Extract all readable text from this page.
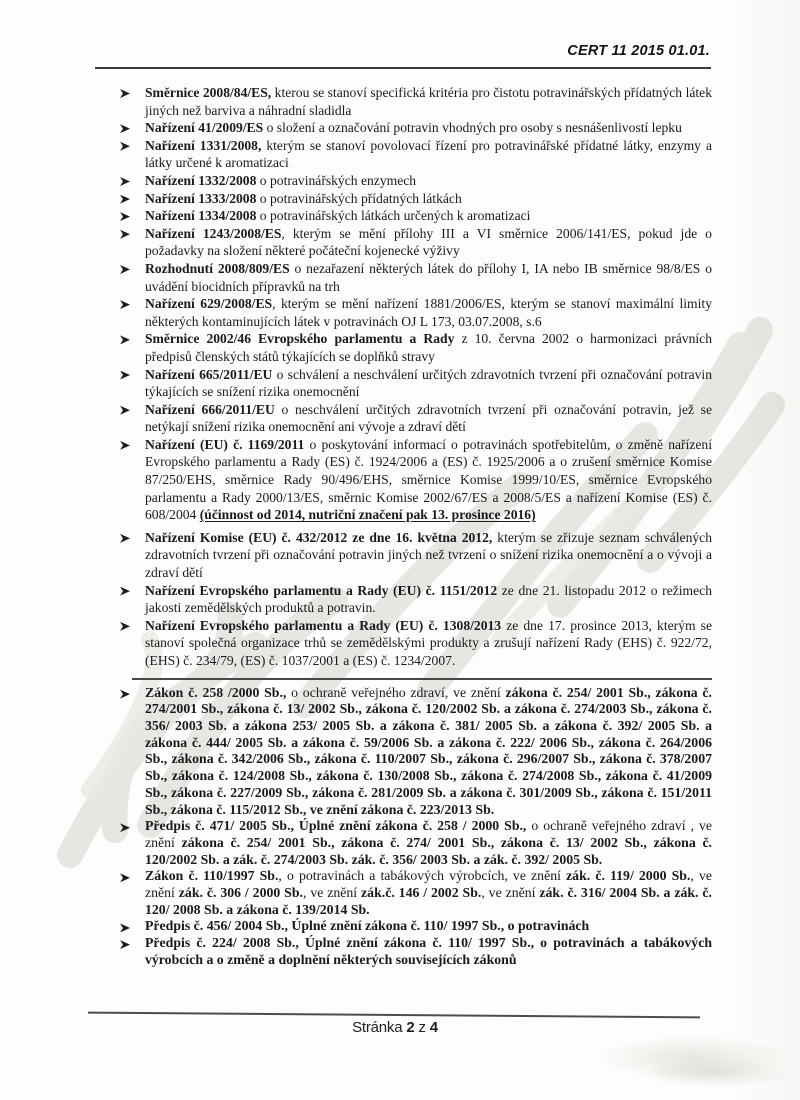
CERT 11 2015 01.01.
Směrnice 2008/84/ES, kterou se stanoví specifická kritéria pro čistotu potravinářských přídatných látek jiných než barviva a náhradní sladidla
Nařízení 41/2009/ES o složení a označování potravin vhodných pro osoby s nesnášenlivostí lepku
Nařízení 1331/2008, kterým se stanoví povolovací řízení pro potravinářské přídatné látky, enzymy a látky určené k aromatizaci
Nařízení 1332/2008 o potravinářských enzymech
Nařízení 1333/2008 o potravinářských přídatných látkách
Nařízení 1334/2008 o potravinářských látkách určených k aromatizaci
Nařízení 1243/2008/ES, kterým se mění přílohy III a VI směrnice 2006/141/ES, pokud jde o požadavky na složení některé počáteční kojenecké výživy
Rozhodnutí 2008/809/ES o nezařazení některých látek do přílohy I, IA nebo IB směrnice 98/8/ES o uvádění biocidních přípravků na trh
Nařízení 629/2008/ES, kterým se mění nařízení 1881/2006/ES, kterým se stanoví maximální limity některých kontaminujících látek v potravinách OJ L 173, 03.07.2008, s.6
Směrnice 2002/46 Evropského parlamentu a Rady z 10. června 2002 o harmonizaci právních předpisů členských států týkajících se doplňků stravy
Nařízení 665/2011/EU o schválení a neschválení určitých zdravotních tvrzení při označování potravin týkajících se snížení rizika onemocnění
Nařízení 666/2011/EU o neschválení určitých zdravotních tvrzení při označování potravin, jež se netýkají snížení rizika onemocnění ani vývoje a zdraví dětí
Nařízení (EU) č. 1169/2011 o poskytování informací o potravinách spotřebitelům, o změně nařízení Evropského parlamentu a Rady (ES) č. 1924/2006 a (ES) č. 1925/2006 a o zrušení směrnice Komise 87/250/EHS, směrnice Rady 90/496/EHS, směrnice Komise 1999/10/ES, směrnice Evropského parlamentu a Rady 2000/13/ES, směrnic Komise 2002/67/ES a 2008/5/ES a nařízení Komise (ES) č. 608/2004 (účinnost od 2014, nutriční značení pak 13. prosince 2016)
Nařízení Komise (EU) č. 432/2012 ze dne 16. května 2012, kterým se zřizuje seznam schválených zdravotních tvrzení při označování potravin jiných než tvrzení o snížení rizika onemocnění a o vývoji a zdraví dětí
Nařízení Evropského parlamentu a Rady (EU) č. 1151/2012 ze dne 21. listopadu 2012 o režimech jakosti zemědělských produktů a potravin.
Nařízení Evropského parlamentu a Rady (EU) č. 1308/2013 ze dne 17. prosince 2013, kterým se stanoví společná organizace trhů se zemědělskými produkty a zrušují nařízení Rady (EHS) č. 922/72, (EHS) č. 234/79, (ES) č. 1037/2001 a (ES) č. 1234/2007.
Zákon č. 258 /2000 Sb., o ochraně veřejného zdraví, ve znění zákona č. 254/ 2001 Sb., zákona č. 274/2001 Sb., zákona č. 13/ 2002 Sb., zákona č. 120/2002 Sb. a zákona č. 274/2003 Sb., zákona č. 356/ 2003 Sb. a zákona 253/ 2005 Sb. a zákona č. 381/ 2005 Sb. a zákona č. 392/ 2005 Sb. a zákona č. 444/ 2005 Sb. a zákona č. 59/2006 Sb. a zákona č. 222/ 2006 Sb., zákona č. 264/2006 Sb., zákona č. 342/2006 Sb., zákona č. 110/2007 Sb., zákona č. 296/2007 Sb., zákona č. 378/2007 Sb., zákona č. 124/2008 Sb., zákona č. 130/2008 Sb., zákona č. 274/2008 Sb., zákona č. 41/2009 Sb., zákona č. 227/2009 Sb., zákona č. 281/2009 Sb. a zákona č. 301/2009 Sb., zákona č. 151/2011 Sb., zákona č. 115/2012 Sb., ve znění zákona č. 223/2013 Sb.
Předpis č. 471/ 2005 Sb., Úplné znění zákona č. 258 / 2000 Sb., o ochraně veřejného zdraví , ve znění zákona č. 254/ 2001 Sb., zákona č. 274/ 2001 Sb., zákona č. 13/ 2002 Sb., zákona č. 120/2002 Sb. a zák. č. 274/2003 Sb. zák. č. 356/ 2003 Sb. a zák. č. 392/ 2005 Sb.
Zákon č. 110/1997 Sb., o potravinách a tabákových výrobcích, ve znění zák. č. 119/ 2000 Sb., ve znění zák. č. 306 / 2000 Sb., ve znění zák.č. 146 / 2002 Sb., ve znění zák. č. 316/ 2004 Sb. a zák. č. 120/ 2008 Sb. a zákona č. 139/2014 Sb.
Předpis č. 456/ 2004 Sb., Úplné znění zákona č. 110/ 1997 Sb., o potravinách
Předpis č. 224/ 2008 Sb., Úplné znění zákona č. 110/ 1997 Sb., o potravinách a tabákových výrobcích a o změně a doplnění některých souvisejících zákonů
Stránka 2 z 4
